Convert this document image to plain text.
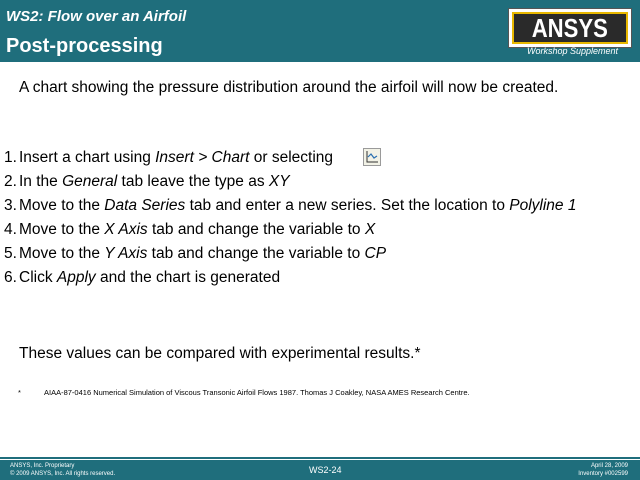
WS2: Flow over an Airfoil
Post-processing
ANSYS
Workshop Supplement
A chart showing the pressure distribution around the airfoil will now be created.
1. Insert a chart using Insert > Chart or selecting
2. In the General tab leave the type as XY
3. Move to the Data Series tab and enter a new series. Set the location to Polyline 1
4. Move to the X Axis tab and change the variable to X
5. Move to the Y Axis tab and change the variable to CP
6. Click Apply and the chart is generated
These values can be compared with experimental results.*
*	AIAA-87-0416 Numerical Simulation of Viscous Transonic Airfoil Flows 1987. Thomas J Coakley, NASA AMES Research Centre.
ANSYS, Inc. Proprietary
© 2009 ANSYS, Inc. All rights reserved.	WS2-24	April 28, 2009
Inventory #002599
